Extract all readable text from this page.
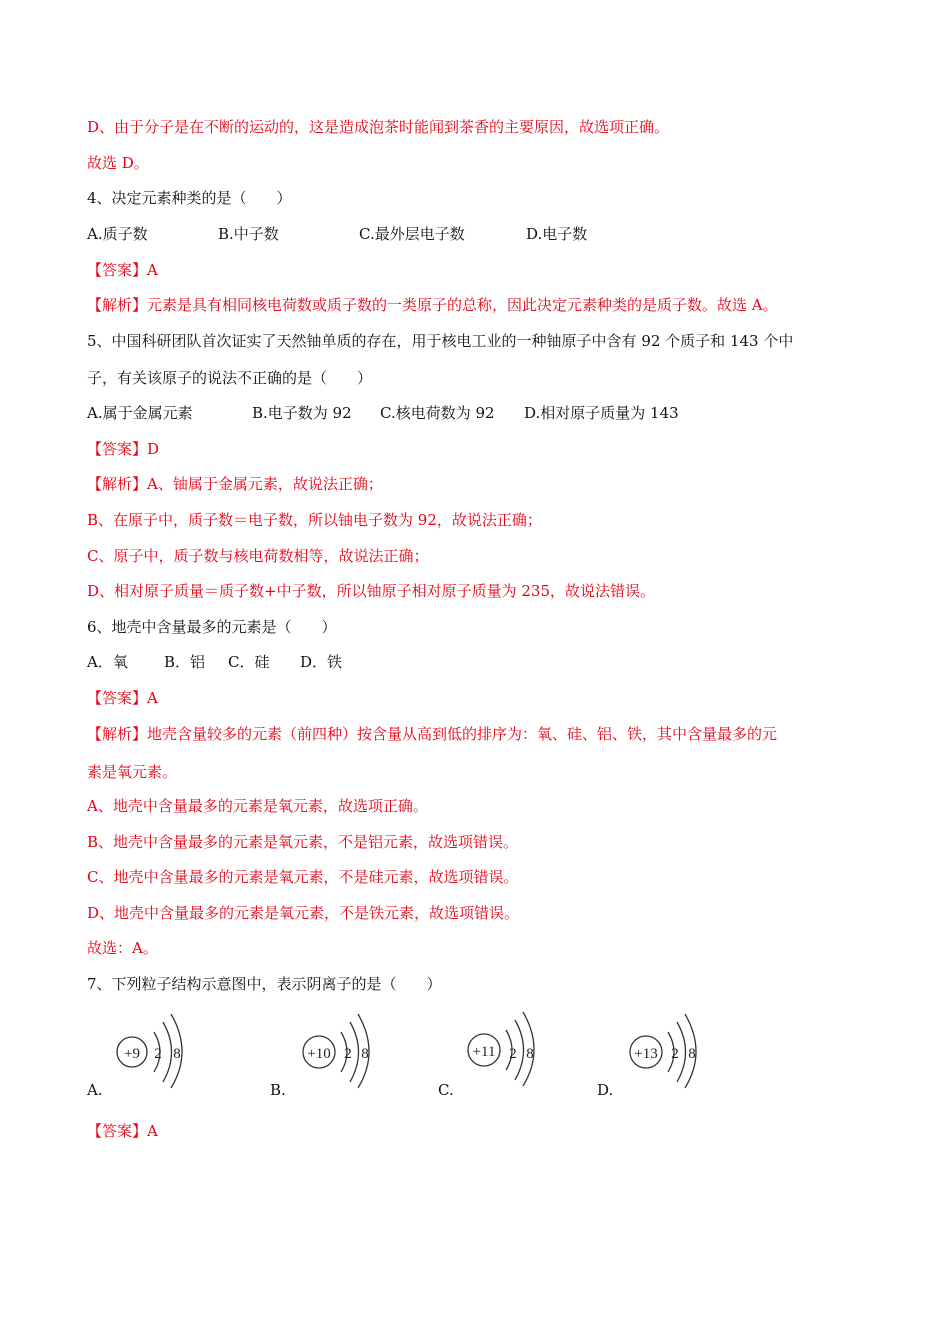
D、由于分子是在不断的运动的，这是造成泡茶时能闻到茶香的主要原因，故选项正确。
故选 D。
4、决定元素种类的是（　　）
A.质子数	B.中子数	C.最外层电子数	D.电子数
【答案】A
【解析】元素是具有相同核电荷数或质子数的一类原子的总称，因此决定元素种类的是质子数。故选 A。
5、中国科研团队首次证实了天然铀单质的存在，用于核电工业的一种铀原子中含有 92 个质子和 143 个中
子，有关该原子的说法不正确的是（　　）
A.属于金属元素	B.电子数为 92 C.核电荷数为 92 D.相对原子质量为 143
【答案】D
【解析】A、铀属于金属元素，故说法正确；
B、在原子中，质子数＝电子数，所以铀电子数为 92，故说法正确；
C、原子中，质子数与核电荷数相等，故说法正确；
D、相对原子质量＝质子数+中子数，所以铀原子相对原子质量为 235，故说法错误。
6、地壳中含量最多的元素是（　　）
A．氧 B．铝 C．硅 D．铁
【答案】A
【解析】地壳含量较多的元素（前四种）按含量从高到低的排序为：氧、硅、铝、铁，其中含量最多的元
素是氧元素。
A、地壳中含量最多的元素是氧元素，故选项正确。
B、地壳中含量最多的元素是氧元素，不是铝元素，故选项错误。
C、地壳中含量最多的元素是氧元素，不是硅元素，故选项错误。
D、地壳中含量最多的元素是氧元素，不是铁元素，故选项错误。
故选：A。
7、下列粒子结构示意图中，表示阴离子的是（　　）
A.
+9 2 8
B.
+10 2 8
C.
+11 2 8
D.
+13 2 8
【答案】A
